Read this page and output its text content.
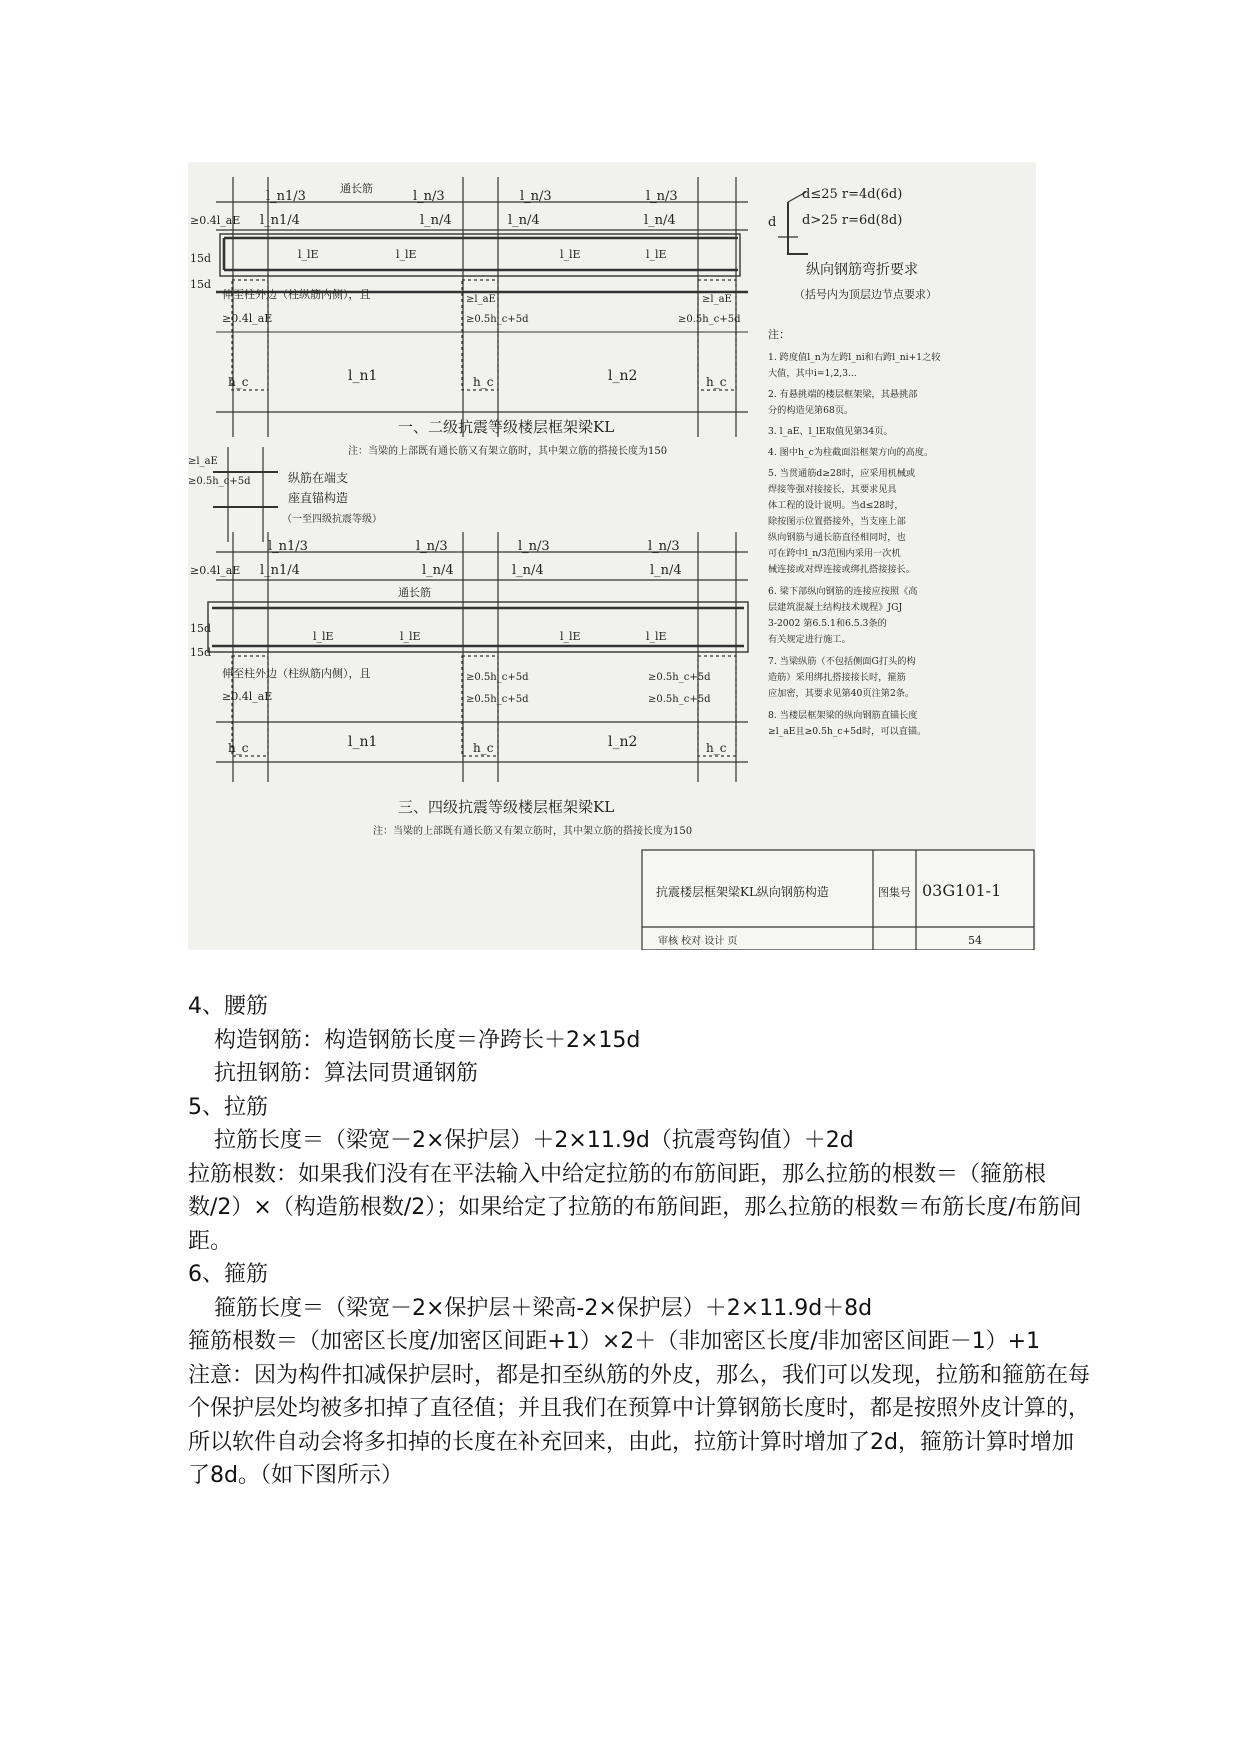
l_n1/3
l_n1/4
l_n/3
l_n/4
l_n/3
l_n/4
l_n/3
l_n/4
≥0.4l_aE
通长筋
15d
15d
l_lE	l_lE	l_lE	l_lE
伸至柱外边（柱纵筋内侧），且
≥0.4l_aE
≥l_aE
≥0.5h_c+5d
≥l_aE
≥0.5h_c+5d
h_c	h_c	h_c
l_n1	l_n2
一、二级抗震等级楼层框架梁KL
注：当梁的上部既有通长筋又有架立筋时，其中架立筋的搭接长度为150
≥l_aE
≥0.5h_c+5d	纵筋在端支
座直锚构造
（一至四级抗震等级）
l_n1/3
l_n1/4
l_n/3
l_n/4
l_n/3
l_n/4
l_n/3
l_n/4
≥0.4l_aE
通长筋
15d
15d
l_lE	l_lE	l_lE	l_lE
伸至柱外边（柱纵筋内侧），且
≥0.4l_aE
≥0.5h_c+5d
≥0.5h_c+5d
≥0.5h_c+5d
≥0.5h_c+5d
h_c	h_c	h_c
l_n1	l_n2
三、四级抗震等级楼层框架梁KL
注：当梁的上部既有通长筋又有架立筋时，其中架立筋的搭接长度为150
d≤25 r=4d(6d)
d>25 r=6d(8d)
d
纵向钢筋弯折要求
（括号内为顶层边节点要求）
注：
1. 跨度值l_n为左跨l_ni和右跨l_ni+1之较
大值，其中i=1,2,3...
2. 有悬挑端的楼层框架梁，其悬挑部
分的构造见第68页。
3. l_aE、l_lE取值见第34页。
4. 图中h_c为柱截面沿框架方向的高度。
5. 当贯通筋d≥28时，应采用机械或
焊接等强对接接长，其要求见具
体工程的设计说明。当d≤28时，
除按图示位置搭接外，当支座上部
纵向钢筋与通长筋直径相同时，也
可在跨中l_n/3范围内采用一次机
械连接或对焊连接或绑扎搭接接长。
6. 梁下部纵向钢筋的连接应按照《高
层建筑混凝土结构技术规程》JGJ
3-2002 第6.5.1和6.5.3条的
有关规定进行施工。
7. 当梁纵筋（不包括侧面G打头的构
造筋）采用绑扎搭接接长时，箍筋
应加密，其要求见第40页注第2条。
8. 当楼层框架梁的纵向钢筋直锚长度
≥l_aE且≥0.5h_c+5d时，可以直锚。
抗震楼层框架梁KL纵向钢筋构造	图集号 03G101-1
审核 校对 设计 页	54

4、腰筋

构造钢筋：构造钢筋长度＝净跨长＋2×15d

抗扭钢筋：算法同贯通钢筋

5、拉筋

拉筋长度＝（梁宽－2×保护层）＋2×11.9d（抗震弯钩值）＋2d

拉筋根数：如果我们没有在平法输入中给定拉筋的布筋间距，那么拉筋的根数＝（箍筋根数/2）×（构造筋根数/2）；如果给定了拉筋的布筋间距，那么拉筋的根数＝布筋长度/布筋间距。

6、箍筋

箍筋长度＝（梁宽－2×保护层＋梁高-2×保护层）＋2×11.9d＋8d

箍筋根数＝（加密区长度/加密区间距+1）×2＋（非加密区长度/非加密区间距－1）+1

注意：因为构件扣减保护层时，都是扣至纵筋的外皮，那么，我们可以发现，拉筋和箍筋在每个保护层处均被多扣掉了直径值；并且我们在预算中计算钢筋长度时，都是按照外皮计算的，所以软件自动会将多扣掉的长度在补充回来，由此，拉筋计算时增加了2d，箍筋计算时增加了8d。（如下图所示）
